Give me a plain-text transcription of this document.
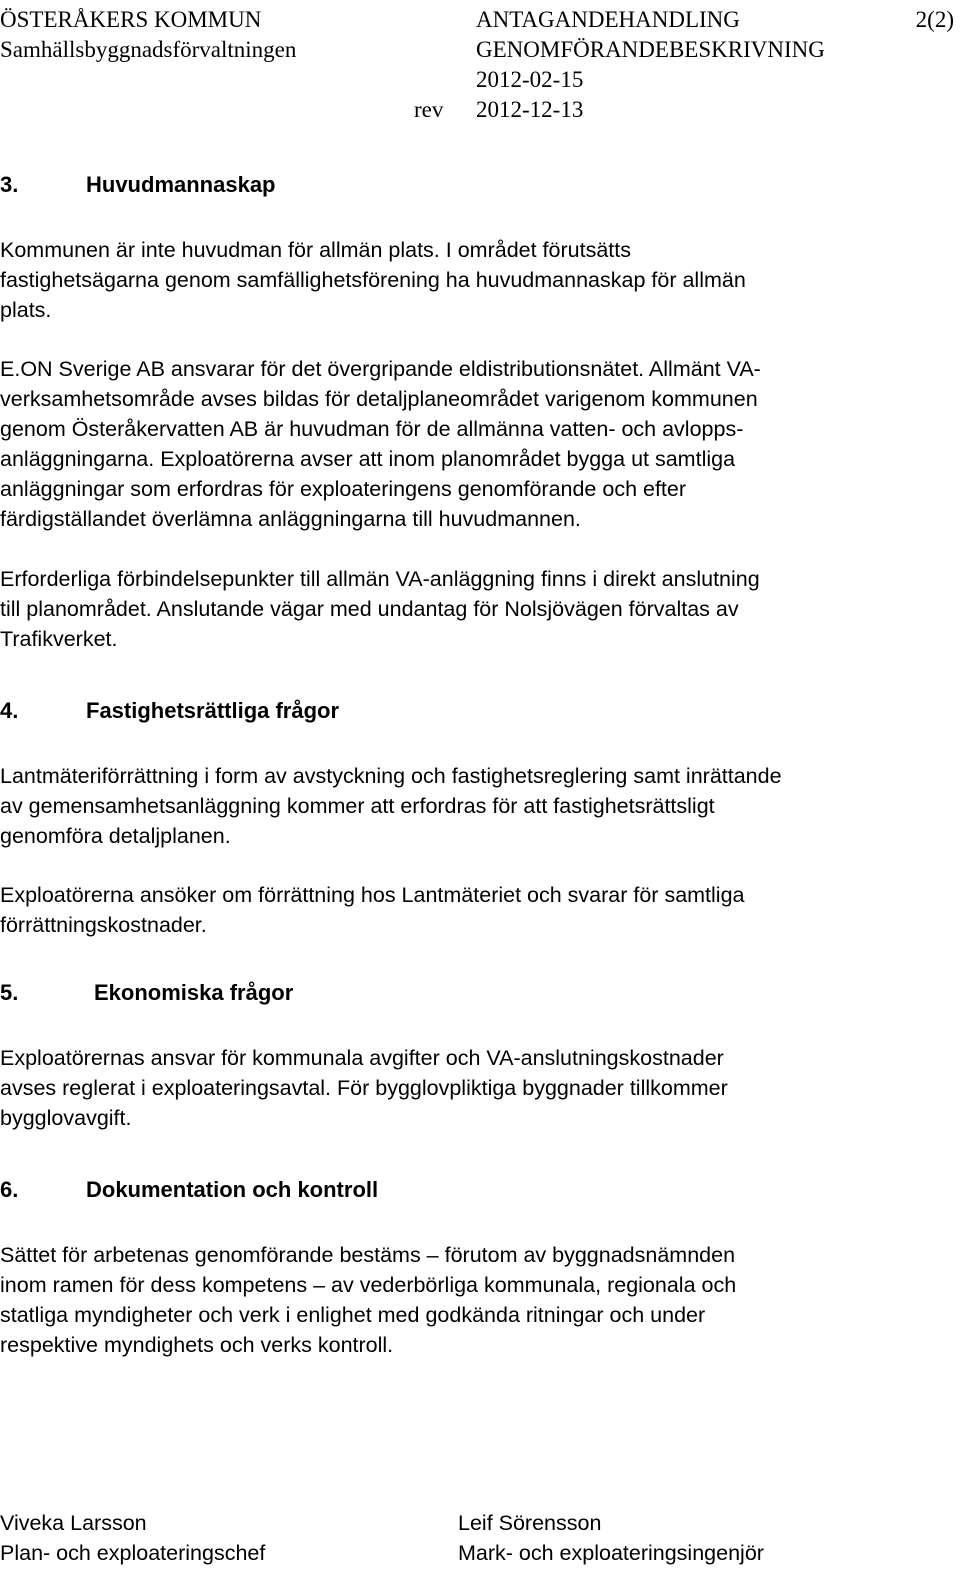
ÖSTERÅKERS KOMMUN
Samhällsbyggnadsförvaltningen
ANTAGANDEHANDLING
GENOMFÖRANDEBESKRIVNING
2012-02-15
rev 2012-12-13
2(2)
3.	Huvudmannaskap
Kommunen är inte huvudman för allmän plats. I området förutsätts
fastighetsägarna genom samfällighetsförening ha huvudmannaskap för allmän
plats.
E.ON Sverige AB ansvarar för det övergripande eldistributionsnätet. Allmänt VA-
verksamhetsområde avses bildas för detaljplaneområdet varigenom kommunen
genom Österåkervatten AB är huvudman för de allmänna vatten- och avlopps-
anläggningarna. Exploatörerna avser att inom planområdet bygga ut samtliga
anläggningar som erfordras för exploateringens genomförande och efter
färdigställandet överlämna anläggningarna till huvudmannen.
Erforderliga förbindelsepunkter till allmän VA-anläggning finns i direkt anslutning
till planområdet. Anslutande vägar med undantag för Nolsjövägen förvaltas av
Trafikverket.
4.	Fastighetsrättliga frågor
Lantmäteriförrättning i form av avstyckning och fastighetsreglering samt inrättande
av gemensamhetsanläggning kommer att erfordras för att fastighetsrättsligt
genomföra detaljplanen.
Exploatörerna ansöker om förrättning hos Lantmäteriet och svarar för samtliga
förrättningskostnader.
5.	Ekonomiska frågor
Exploatörernas ansvar för kommunala avgifter och VA-anslutningskostnader
avses reglerat i exploateringsavtal. För bygglovpliktiga byggnader tillkommer
bygglovavgift.
6.	Dokumentation och kontroll
Sättet för arbetenas genomförande bestäms – förutom av byggnadsnämnden
inom ramen för dess kompetens – av vederbörliga kommunala, regionala och
statliga myndigheter och verk i enlighet med godkända ritningar och under
respektive myndighets och verks kontroll.
Viveka Larsson
Plan- och exploateringschef
Leif Sörensson
Mark- och exploateringsingenjör
